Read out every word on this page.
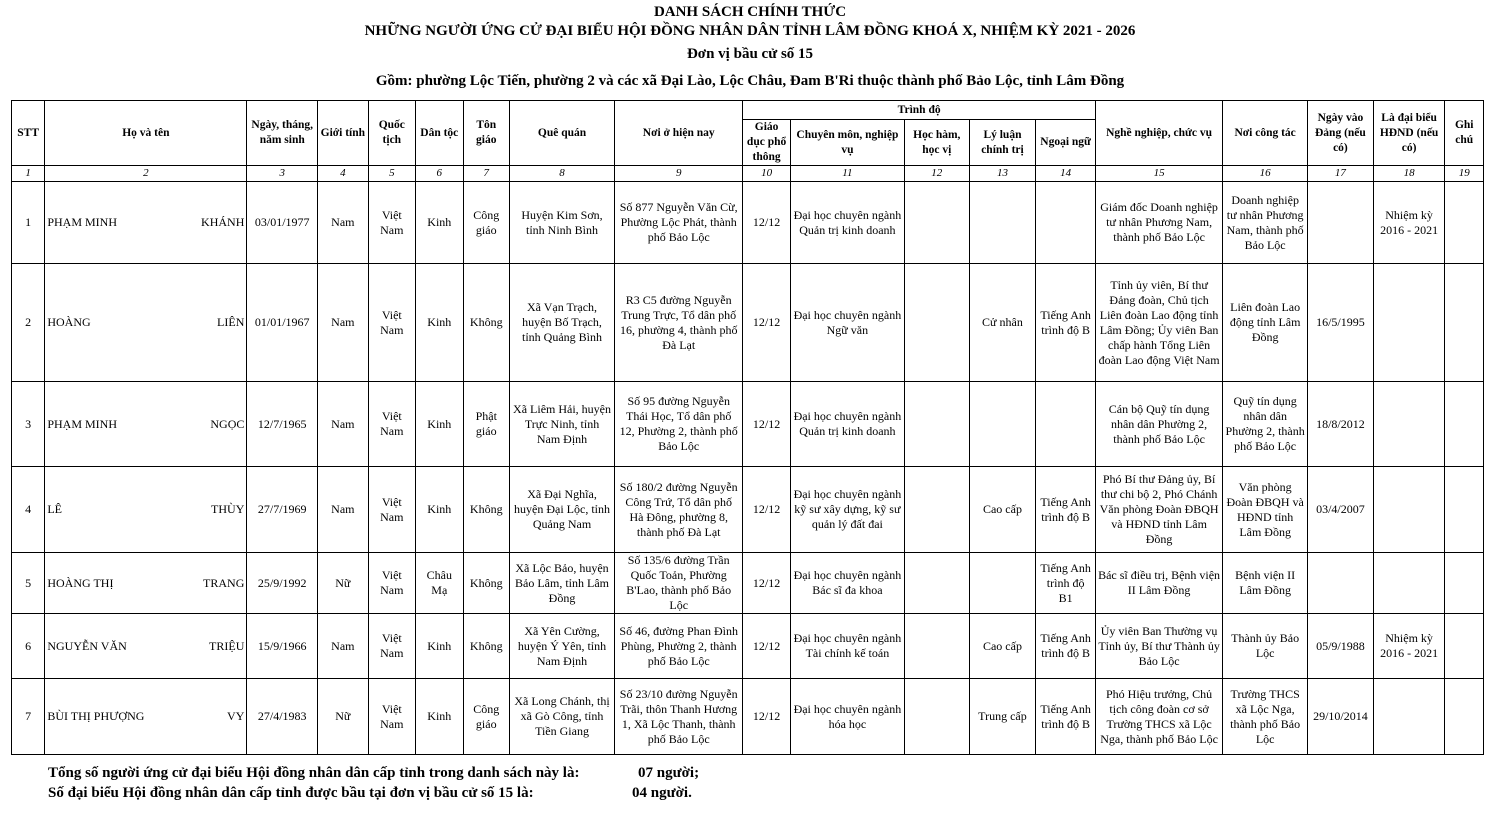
DANH SÁCH CHÍNH THỨC
NHỮNG NGƯỜI ỨNG CỬ ĐẠI BIỂU HỘI ĐỒNG NHÂN DÂN TỈNH LÂM ĐỒNG KHOÁ X, NHIỆM KỲ 2021 - 2026
Đơn vị bầu cử số 15
Gồm: phường Lộc Tiến, phường 2 và các xã Đại Lào, Lộc Châu, Đam B'Ri thuộc thành phố Bảo Lộc, tỉnh Lâm Đồng
STT	Họ và tên	Ngày, tháng, năm sinh	Giới tính	Quốc tịch	Dân tộc	Tôn giáo	Quê quán	Nơi ở hiện nay	Trình độ					Nghề nghiệp, chức vụ	Nơi công tác	Ngày vào Đảng (nếu có)	Là đại biểu HĐND (nếu có)	Ghi chú
									Giáo dục phổ thông	Chuyên môn, nghiệp vụ	Học hàm, học vị	Lý luận chính trị	Ngoại ngữ					
1	2	3	4	5	6	7	8	9	10	11	12	13	14	15	16	17	18	19
1	PHẠM MINH KHÁNH	03/01/1977	Nam	Việt Nam	Kinh	Công giáo	Huyện Kim Sơn, tỉnh Ninh Bình	Số 877 Nguyễn Văn Cừ, Phường Lộc Phát, thành phố Bảo Lộc	12/12	Đại học chuyên ngành Quản trị kinh doanh				Giám đốc Doanh nghiệp tư nhân Phương Nam, thành phố Bảo Lộc	Doanh nghiệp tư nhân Phương Nam, thành phố Bảo Lộc		Nhiệm kỳ 2016 - 2021	
2	HOÀNG LIÊN	01/01/1967	Nam	Việt Nam	Kinh	Không	Xã Vạn Trạch, huyện Bố Trạch, tỉnh Quảng Bình	R3 C5 đường Nguyễn Trung Trực, Tổ dân phố 16, phường 4, thành phố Đà Lạt	12/12	Đại học chuyên ngành Ngữ văn		Cử nhân	Tiếng Anh trình độ B	Tỉnh ủy viên, Bí thư Đảng đoàn, Chủ tịch Liên đoàn Lao động tỉnh Lâm Đồng; Ủy viên Ban chấp hành Tổng Liên đoàn Lao động Việt Nam	Liên đoàn Lao động tỉnh Lâm Đồng	16/5/1995		
3	PHẠM MINH NGỌC	12/7/1965	Nam	Việt Nam	Kinh	Phật giáo	Xã Liêm Hải, huyện Trực Ninh, tỉnh Nam Định	Số 95 đường Nguyễn Thái Học, Tổ dân phố 12, Phường 2, thành phố Bảo Lộc	12/12	Đại học chuyên ngành Quản trị kinh doanh				Cán bộ Quỹ tín dụng nhân dân Phường 2, thành phố Bảo Lộc	Quỹ tín dụng nhân dân Phường 2, thành phố Bảo Lộc	18/8/2012		
4	LÊ THÙY	27/7/1969	Nam	Việt Nam	Kinh	Không	Xã Đại Nghĩa, huyện Đại Lộc, tỉnh Quảng Nam	Số 180/2 đường Nguyễn Công Trứ, Tổ dân phố Hà Đông, phường 8, thành phố Đà Lạt	12/12	Đại học chuyên ngành kỹ sư xây dựng, kỹ sư quản lý đất đai		Cao cấp	Tiếng Anh trình độ B	Phó Bí thư Đảng ủy, Bí thư chi bộ 2, Phó Chánh Văn phòng Đoàn ĐBQH và HĐND tỉnh Lâm Đồng	Văn phòng Đoàn ĐBQH và HĐND tỉnh Lâm Đồng	03/4/2007		
5	HOÀNG THỊ TRANG	25/9/1992	Nữ	Việt Nam	Châu Mạ	Không	Xã Lộc Bảo, huyện Bảo Lâm, tỉnh Lâm Đồng	Số 135/6 đường Trần Quốc Toản, Phường B'Lao, thành phố Bảo Lộc	12/12	Đại học chuyên ngành Bác sĩ đa khoa			Tiếng Anh trình độ B1	Bác sĩ điều trị, Bệnh viện II Lâm Đồng	Bệnh viện II Lâm Đồng			
6	NGUYỄN VĂN TRIỆU	15/9/1966	Nam	Việt Nam	Kinh	Không	Xã Yên Cường, huyện Ý Yên, tỉnh Nam Định	Số 46, đường Phan Đình Phùng, Phường 2, thành phố Bảo Lộc	12/12	Đại học chuyên ngành Tài chính kế toán		Cao cấp	Tiếng Anh trình độ B	Ủy viên Ban Thường vụ Tỉnh ủy, Bí thư Thành ủy Bảo Lộc	Thành ủy Bảo Lộc	05/9/1988	Nhiệm kỳ 2016 - 2021	
7	BÙI THỊ PHƯỢNG VY	27/4/1983	Nữ	Việt Nam	Kinh	Công giáo	Xã Long Chánh, thị xã Gò Công, tỉnh Tiền Giang	Số 23/10 đường Nguyễn Trãi, thôn Thanh Hương 1, Xã Lộc Thanh, thành phố Bảo Lộc	12/12	Đại học chuyên ngành hóa học		Trung cấp	Tiếng Anh trình độ B	Phó Hiệu trưởng, Chủ tịch công đoàn cơ sở Trường THCS xã Lộc Nga, thành phố Bảo Lộc	Trường THCS xã Lộc Nga, thành phố Bảo Lộc	29/10/2014		
Tổng số người ứng cử đại biểu Hội đồng nhân dân cấp tỉnh trong danh sách này là:	07 người;
Số đại biểu Hội đồng nhân dân cấp tỉnh được bầu tại đơn vị bầu cử số 15 là:	04 người.
